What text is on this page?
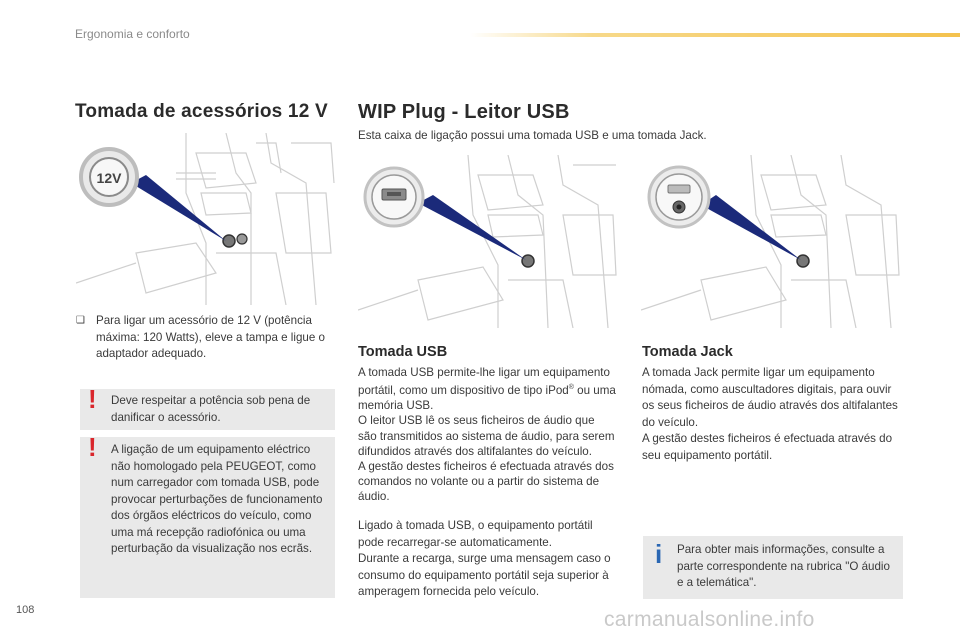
Ergonomia e conforto
Tomada de acessórios 12 V
12V
❑ Para ligar um acessório de 12 V (potência máxima: 120 Watts), eleve a tampa e ligue o adaptador adequado.

! Deve respeitar a potência sob pena de danificar o acessório.

! A ligação de um equipamento eléctrico não homologado pela PEUGEOT, como num carregador com tomada USB, pode provocar perturbações de funcionamento dos órgãos eléctricos do veículo, como uma má recepção radiofónica ou uma perturbação da visualização nos ecrãs.

WIP Plug - Leitor USB
Esta caixa de ligação possui uma tomada USB e uma tomada Jack.
Tomada USB

A tomada USB permite-lhe ligar um equipamento portátil, como um dispositivo de tipo iPod® ou uma memória USB.

O leitor USB lê os seus ficheiros de áudio que são transmitidos ao sistema de áudio, para serem difundidos através dos altifalantes do veículo.

A gestão destes ficheiros é efectuada através dos comandos no volante ou a partir do sistema de áudio.

Ligado à tomada USB, o equipamento portátil pode recarregar-se automaticamente.
Durante a recarga, surge uma mensagem caso o consumo do equipamento portátil seja superior à amperagem fornecida pelo veículo.
Tomada Jack

A tomada Jack permite ligar um equipamento nómada, como auscultadores digitais, para ouvir os seus ficheiros de áudio através dos altifalantes do veículo.

A gestão destes ficheiros é efectuada através do seu equipamento portátil.

i Para obter mais informações, consulte a parte correspondente na rubrica "O áudio e a telemática".

108	carmanualsonline.info
